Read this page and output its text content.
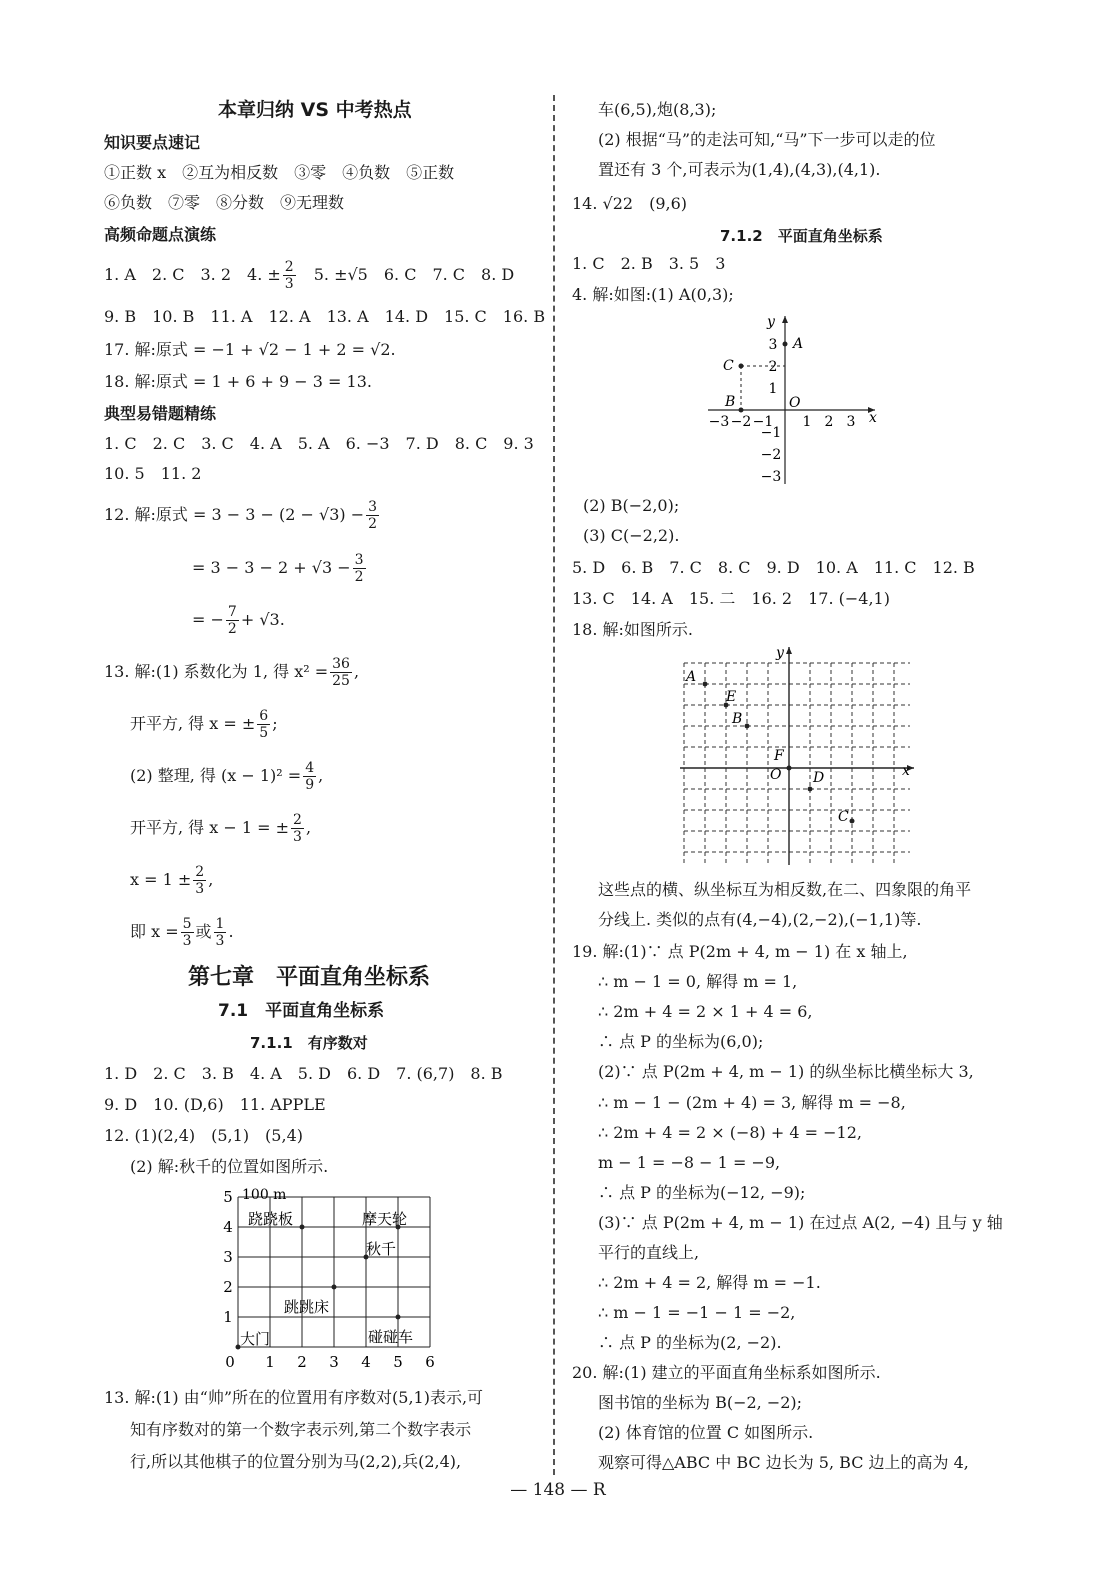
本章归纳 VS 中考热点
知识要点速记
①正数 x　②互为相反数　③零　④负数　⑤正数
⑥负数　⑦零　⑧分数　⑨无理数
高频命题点演练
1. A　2. C　3. 2　4. ± $\frac{2}{3}$ 　5. ±√5　6. C　7. C　8. D
9. B　10. B　11. A　12. A　13. A　14. D　15. C　16. B
17. 解:原式 = −1 + √2 − 1 + 2 = √2.
18. 解:原式 = 1 + 6 + 9 − 3 = 13.
典型易错题精练
1. C　2. C　3. C　4. A　5. A　6. −3　7. D　8. C　9. 3
10. 5　11. 2
12. 解:原式 = $3 - 3 - (2 - √3) - \frac{3}{2}$
= $3 - 3 - 2 + √3 - \frac{3}{2}$
= − $\frac{7}{2} + √3$.
13. 解:(1) 系数化为 1, 得 $x^2 = \frac{36}{25}$ ,
开平方, 得 x = ± $\frac{6}{5}$ ;
(2) 整理, 得 $(x - 1)^2 = \frac{4}{9}$ ,
开平方, 得 x − 1 = ± $\frac{2}{3}$ ,
$x = 1 \pm \frac{2}{3}$ ,
即 $x = \frac{5}{3}$ 或 $\frac{1}{3}$ .
第七章　平面直角坐标系
7.1　平面直角坐标系
7.1.1　有序数对
1. D　2. C　3. B　4. A　5. D　6. D　7. (6,7)　8. B
9. D　10. (D,6)　11. APPLE
12. (1)(2,4)　(5,1)　(5,4)
(2) 解:秋千的位置如图所示.
100 m
跷跷板	摩天轮
秋千
跳跳床
碰碰车
大门
0 1 2 3 4 5 6
1
2
3
4
5
13. 解:(1) 由“帅”所在的位置用有序数对(5,1)表示,可
知有序数对的第一个数字表示列,第二个数字表示
行,所以其他棋子的位置分别为马(2,2),兵(2,4),
车(6,5),炮(8,3);
(2) 根据“马”的走法可知,“马”下一步可以走的位
置还有 3 个,可表示为(1,4),(4,3),(4,1).
14. √22　(9,6)
7.1.2　平面直角坐标系
1. C　2. B　3. 5　3
4. 解:如图:(1) A(0,3);
A
B
C
O
x
y
−3 −2 −1 1 2 3
3
2
1
−1
−2
−3
(2) B(−2,0);
(3) C(−2,2).
5. D　6. B　7. C　8. C　9. D　10. A　11. C　12. B
13. C　14. A　15. 二　16. 2　17. (−4,1)
18. 解:如图所示.
A
E
B
F
O D
C
x
y
这些点的横、纵坐标互为相反数,在二、四象限的角平
分线上. 类似的点有(4,−4),(2,−2),(−1,1)等.
19. 解:(1)∵ 点 P(2m + 4, m − 1) 在 x 轴上,
∴ m − 1 = 0, 解得 m = 1,
∴ 2m + 4 = 2 × 1 + 4 = 6,
∴ 点 P 的坐标为(6,0);
(2)∵ 点 P(2m + 4, m − 1) 的纵坐标比横坐标大 3,
∴ m − 1 − (2m + 4) = 3, 解得 m = −8,
∴ 2m + 4 = 2 × (−8) + 4 = −12,
m − 1 = −8 − 1 = −9,
∴ 点 P 的坐标为(−12, −9);
(3)∵ 点 P(2m + 4, m − 1) 在过点 A(2, −4) 且与 y 轴
平行的直线上,
∴ 2m + 4 = 2, 解得 m = −1.
∴ m − 1 = −1 − 1 = −2,
∴ 点 P 的坐标为(2, −2).
20. 解:(1) 建立的平面直角坐标系如图所示.
图书馆的坐标为 B(−2, −2);
(2) 体育馆的位置 C 如图所示.
观察可得△ABC 中 BC 边长为 5, BC 边上的高为 4,
— 148 — R
